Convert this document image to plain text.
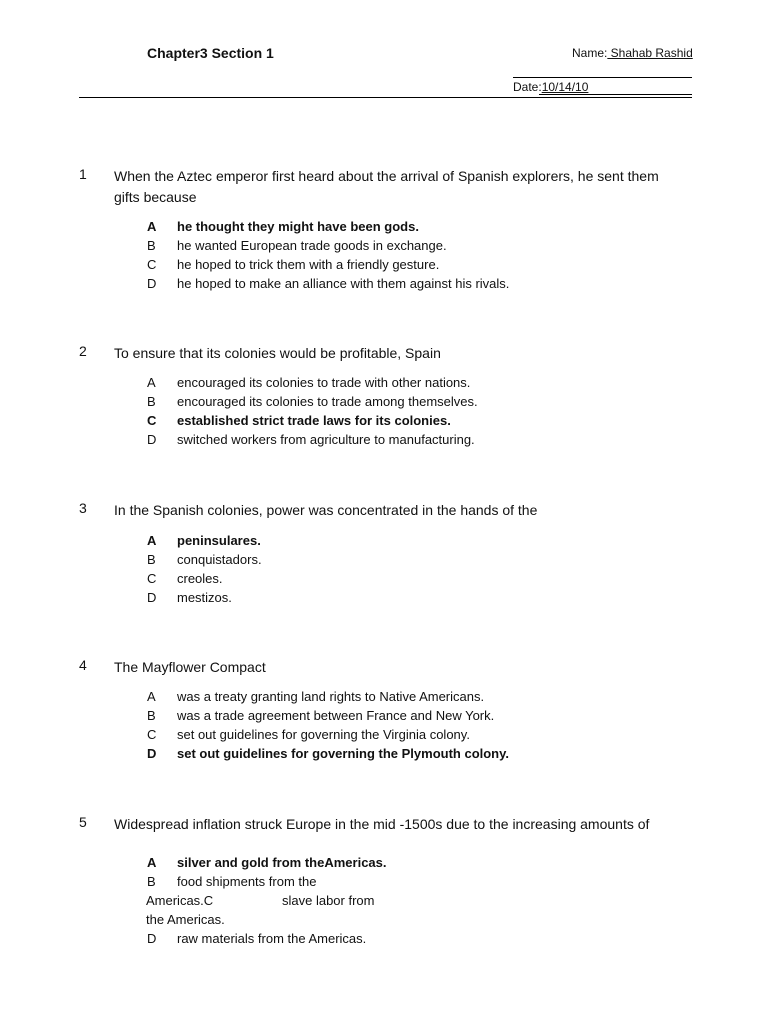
Chapter3 Section 1	Name: Shahab Rashid
Date:10/14/10
1 When the Aztec emperor first heard about the arrival of Spanish explorers, he sent them gifts because
A	he thought they might have been gods.
B	he wanted European trade goods in exchange.
C	he hoped to trick them with a friendly gesture.
D	he hoped to make an alliance with them against his rivals.
2 To ensure that its colonies would be profitable, Spain
A	encouraged its colonies to trade with other nations.
B	encouraged its colonies to trade among themselves.
C	established strict trade laws for its colonies.
D	switched workers from agriculture to manufacturing.
3 In the Spanish colonies, power was concentrated in the hands of the
A	peninsulares.
B	conquistadors.
C	creoles.
D	mestizos.
4 The Mayflower Compact
A	was a treaty granting land rights to Native Americans.
B	was a trade agreement between France and New York.
C	set out guidelines for governing the Virginia colony.
D	set out guidelines for governing the Plymouth colony.
5 Widespread inflation struck Europe in the mid -1500s due to the increasing amounts of
A silver and gold from theAmericas.
B food shipments from the
Americas.C	slave labor from
the Americas.
D raw materials from the Americas.
